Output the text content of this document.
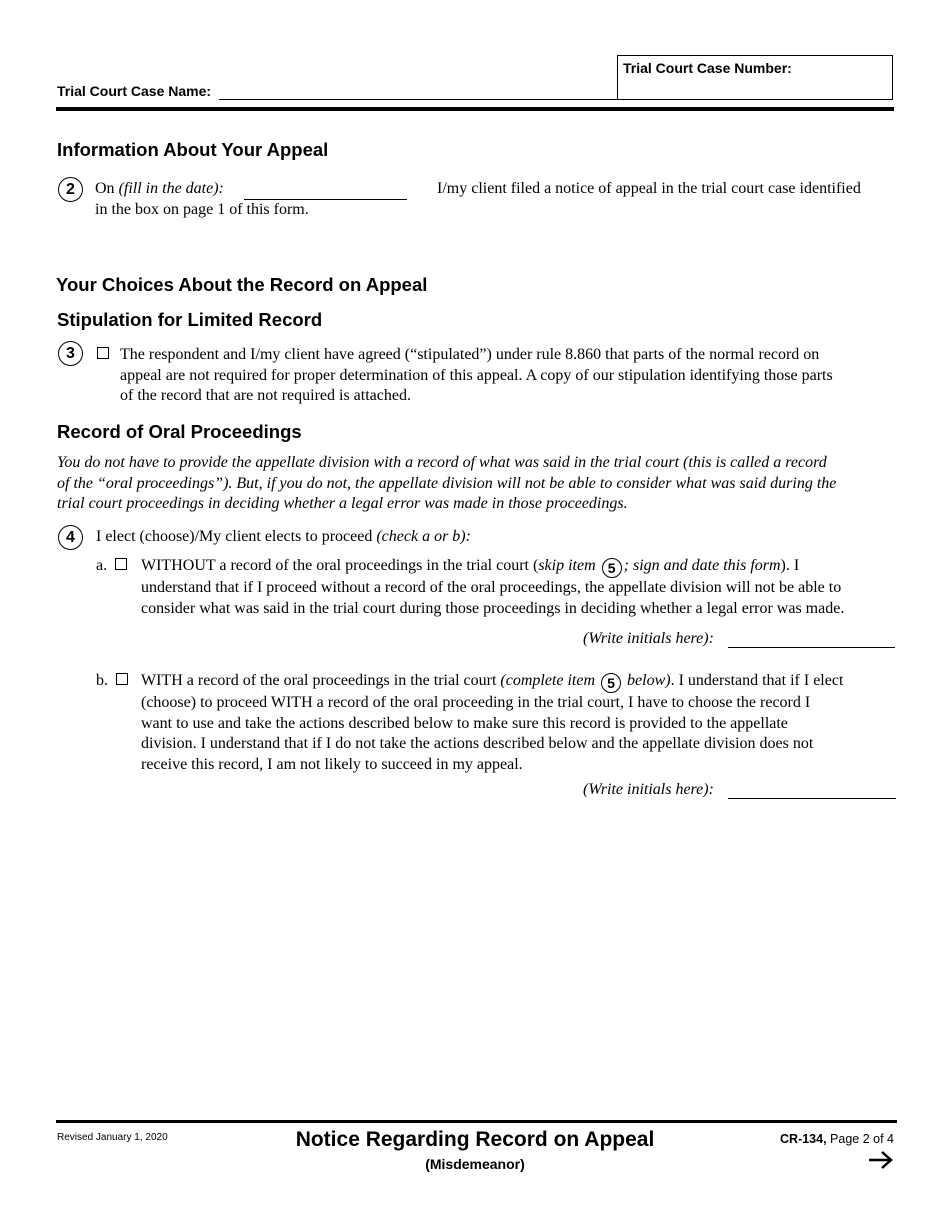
Trial Court Case Name:
Trial Court Case Number:
Information About Your Appeal
2	On (fill in the date):	I/my client filed a notice of appeal in the trial court case identified
in the box on page 1 of this form.
Your Choices About the Record on Appeal
Stipulation for Limited Record
3	The respondent and I/my client have agreed (“stipulated”) under rule 8.860 that parts of the normal record on
appeal are not required for proper determination of this appeal. A copy of our stipulation identifying those parts
of the record that are not required is attached.
Record of Oral Proceedings
You do not have to provide the appellate division with a record of what was said in the trial court (this is called a record
of the “oral proceedings”). But, if you do not, the appellate division will not be able to consider what was said during the
trial court proceedings in deciding whether a legal error was made in those proceedings.
4	I elect (choose)/My client elects to proceed (check a or b):
a. WITHOUT a record of the oral proceedings in the trial court (skip item 5 ; sign and date this form). I
understand that if I proceed without a record of the oral proceedings, the appellate division will not be able to
consider what was said in the trial court during those proceedings in deciding whether a legal error was made.
(Write initials here):
b. WITH a record of the oral proceedings in the trial court (complete item 5 below). I understand that if I elect
(choose) to proceed WITH a record of the oral proceeding in the trial court, I have to choose the record I
want to use and take the actions described below to make sure this record is provided to the appellate
division. I understand that if I do not take the actions described below and the appellate division does not
receive this record, I am not likely to succeed in my appeal.
(Write initials here):
Revised January 1, 2020	Notice Regarding Record on Appeal
(Misdemeanor)
CR-134, Page 2 of 4
